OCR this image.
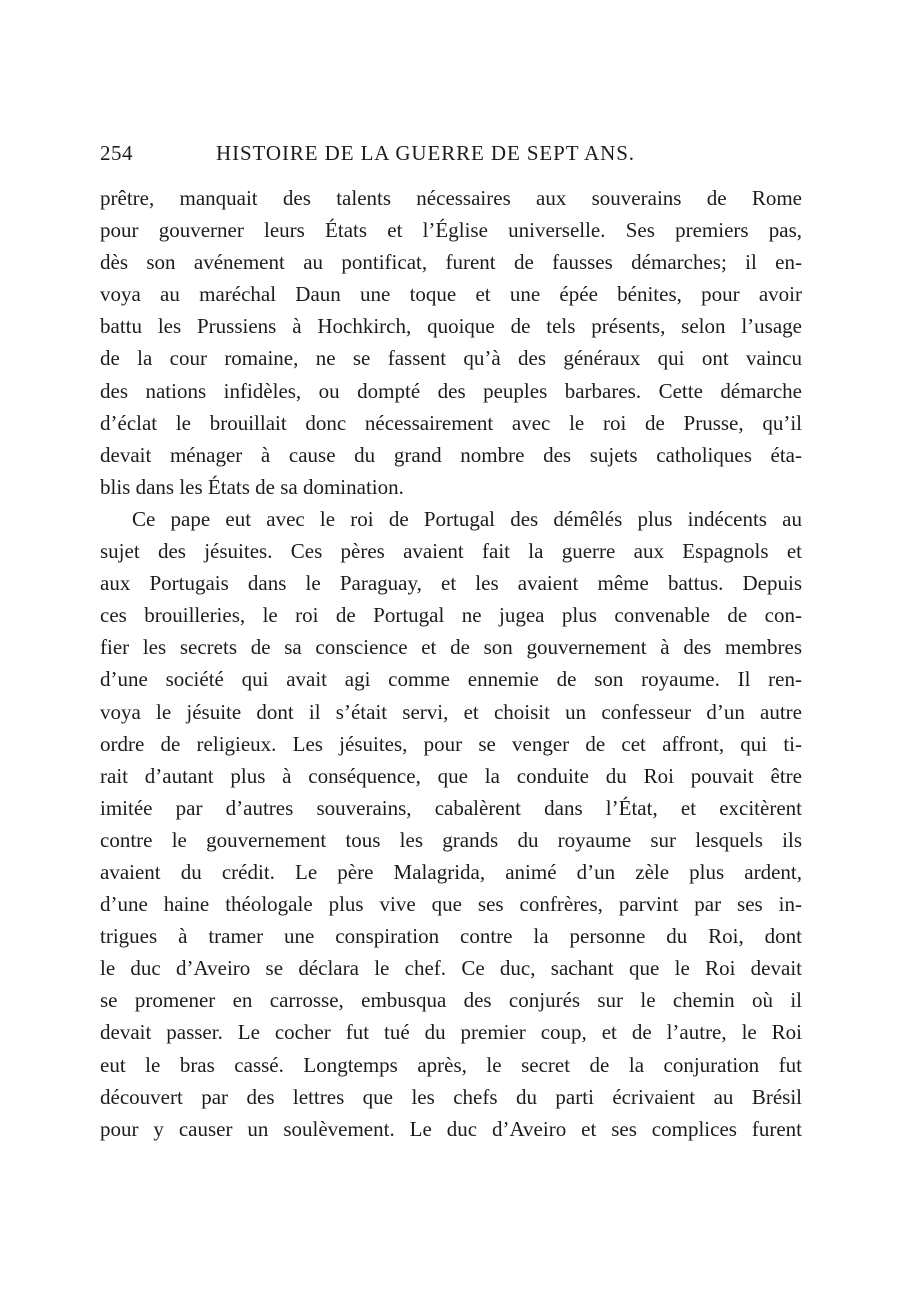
254	HISTOIRE DE LA GUERRE DE SEPT ANS.
prêtre, manquait des talents nécessaires aux souverains de Rome
pour gouverner leurs États et l’Église universelle. Ses premiers pas,
dès son avénement au pontificat, furent de fausses démarches; il en-
voya au maréchal Daun une toque et une épée bénites, pour avoir
battu les Prussiens à Hochkirch, quoique de tels présents, selon l’usage
de la cour romaine, ne se fassent qu’à des généraux qui ont vaincu
des nations infidèles, ou dompté des peuples barbares. Cette démarche
d’éclat le brouillait donc nécessairement avec le roi de Prusse, qu’il
devait ménager à cause du grand nombre des sujets catholiques éta-
blis dans les États de sa domination.
Ce pape eut avec le roi de Portugal des démêlés plus indécents au
sujet des jésuites. Ces pères avaient fait la guerre aux Espagnols et
aux Portugais dans le Paraguay, et les avaient même battus. Depuis
ces brouilleries, le roi de Portugal ne jugea plus convenable de con-
fier les secrets de sa conscience et de son gouvernement à des membres
d’une société qui avait agi comme ennemie de son royaume. Il ren-
voya le jésuite dont il s’était servi, et choisit un confesseur d’un autre
ordre de religieux. Les jésuites, pour se venger de cet affront, qui ti-
rait d’autant plus à conséquence, que la conduite du Roi pouvait être
imitée par d’autres souverains, cabalèrent dans l’État, et excitèrent
contre le gouvernement tous les grands du royaume sur lesquels ils
avaient du crédit. Le père Malagrida, animé d’un zèle plus ardent,
d’une haine théologale plus vive que ses confrères, parvint par ses in-
trigues à tramer une conspiration contre la personne du Roi, dont
le duc d’Aveiro se déclara le chef. Ce duc, sachant que le Roi devait
se promener en carrosse, embusqua des conjurés sur le chemin où il
devait passer. Le cocher fut tué du premier coup, et de l’autre, le Roi
eut le bras cassé. Longtemps après, le secret de la conjuration fut
découvert par des lettres que les chefs du parti écrivaient au Brésil
pour y causer un soulèvement. Le duc d’Aveiro et ses complices furent
